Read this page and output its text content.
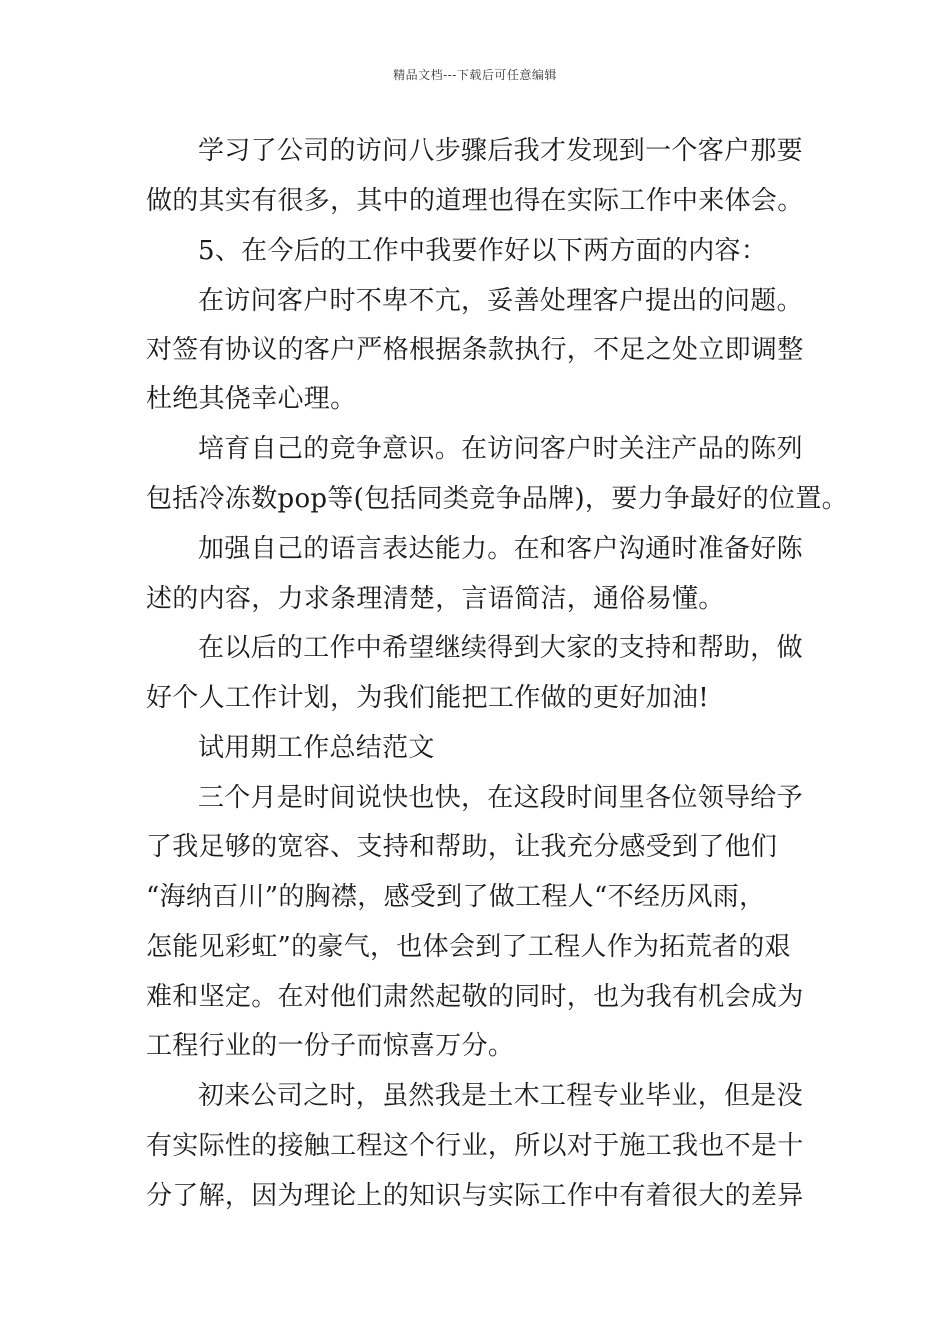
精品文档---下载后可任意编辑
学习了公司的访问八步骤后我才发现到一个客户那要
做的其实有很多，其中的道理也得在实际工作中来体会。
5、在今后的工作中我要作好以下两方面的内容：
在访问客户时不卑不亢，妥善处理客户提出的问题。
对签有协议的客户严格根据条款执行，不足之处立即调整
杜绝其侥幸心理。
培育自己的竞争意识。在访问客户时关注产品的陈列
包括冷冻数pop等(包括同类竞争品牌)，要力争最好的位置。
加强自己的语言表达能力。在和客户沟通时准备好陈
述的内容，力求条理清楚，言语简洁，通俗易懂。
在以后的工作中希望继续得到大家的支持和帮助，做
好个人工作计划，为我们能把工作做的更好加油!
试用期工作总结范文
三个月是时间说快也快，在这段时间里各位领导给予
了我足够的宽容、支持和帮助，让我充分感受到了他们
“海纳百川”的胸襟，感受到了做工程人“不经历风雨，
怎能见彩虹”的豪气，也体会到了工程人作为拓荒者的艰
难和坚定。在对他们肃然起敬的同时，也为我有机会成为
工程行业的一份子而惊喜万分。
初来公司之时，虽然我是土木工程专业毕业，但是没
有实际性的接触工程这个行业，所以对于施工我也不是十
分了解，因为理论上的知识与实际工作中有着很大的差异
